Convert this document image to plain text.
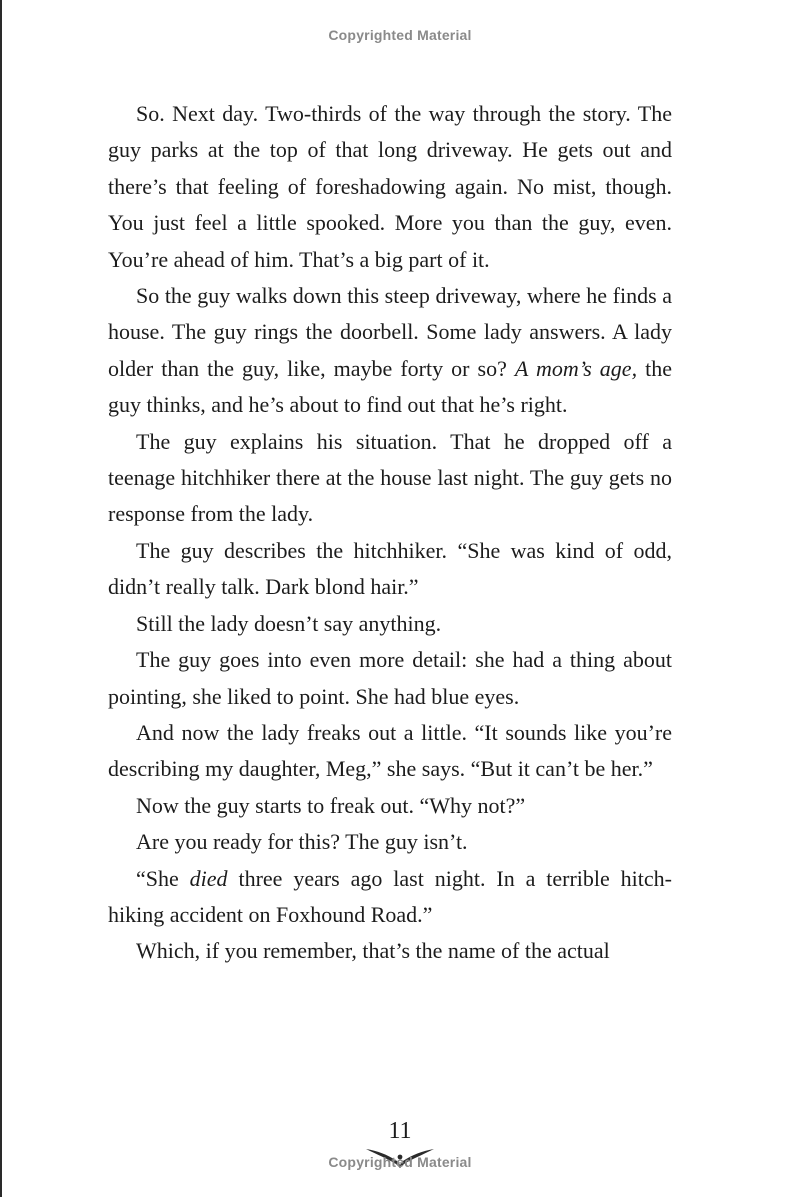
Copyrighted Material

So. Next day. Two-thirds of the way through the story. The guy parks at the top of that long driveway. He gets out and there’s that feeling of foreshadowing again. No mist, though. You just feel a little spooked. More you than the guy, even. You’re ahead of him. That’s a big part of it.

So the guy walks down this steep driveway, where he finds a house. The guy rings the doorbell. Some lady answers. A lady older than the guy, like, maybe forty or so? A mom’s age, the guy thinks, and he’s about to find out that he’s right.

The guy explains his situation. That he dropped off a teenage hitchhiker there at the house last night. The guy gets no response from the lady.

The guy describes the hitchhiker. “She was kind of odd, didn’t really talk. Dark blond hair.”

Still the lady doesn’t say anything.

The guy goes into even more detail: she had a thing about pointing, she liked to point. She had blue eyes.

And now the lady freaks out a little. “It sounds like you’re describing my daughter, Meg,” she says. “But it can’t be her.”

Now the guy starts to freak out. “Why not?”

Are you ready for this? The guy isn’t.

“She died three years ago last night. In a terrible hitch-hiking accident on Foxhound Road.”

Which, if you remember, that’s the name of the actual

11
Copyrighted Material
